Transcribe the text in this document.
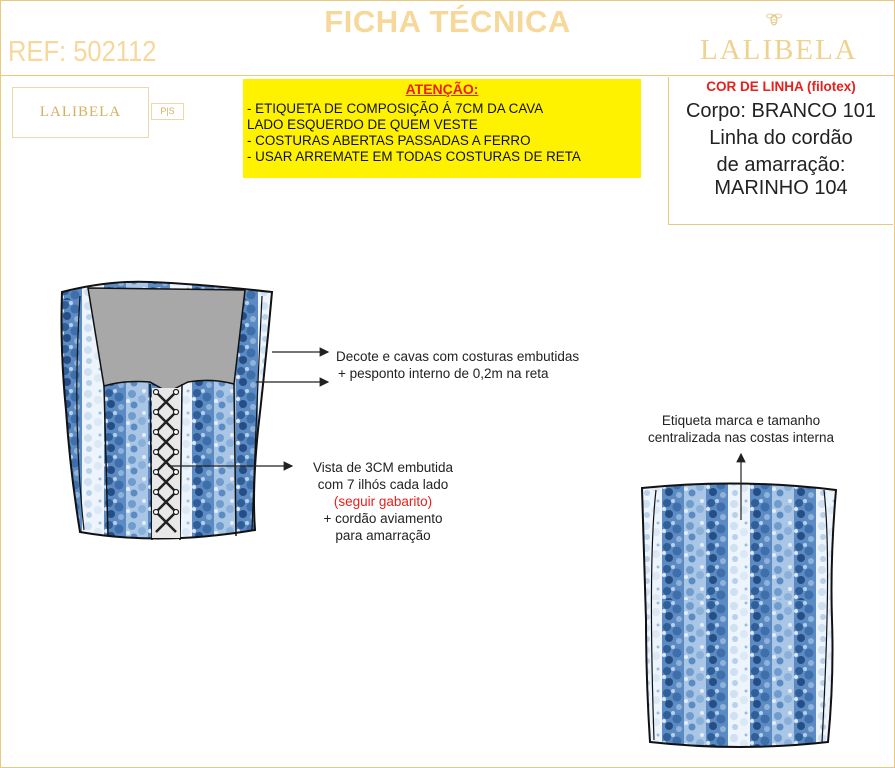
FICHA TÉCNICA
REF: 502112	LALIBELA
LALIBELA	P|S
ATENÇÃO:
- ETIQUETA DE COMPOSIÇÃO Á 7CM DA CAVA
LADO ESQUERDO DE QUEM VESTE
- COSTURAS ABERTAS PASSADAS A FERRO
- USAR ARREMATE EM TODAS COSTURAS DE RETA
COR DE LINHA (filotex)
Corpo: BRANCO 101
Linha do cordão
de amarração:
MARINHO 104
Decote e cavas com costuras embutidas
+ pesponto interno de 0,2m na reta
Vista de 3CM embutida
com 7 ilhós cada lado
(seguir gabarito)
+ cordão aviamento
para amarração
Etiqueta marca e tamanho
centralizada nas costas interna
